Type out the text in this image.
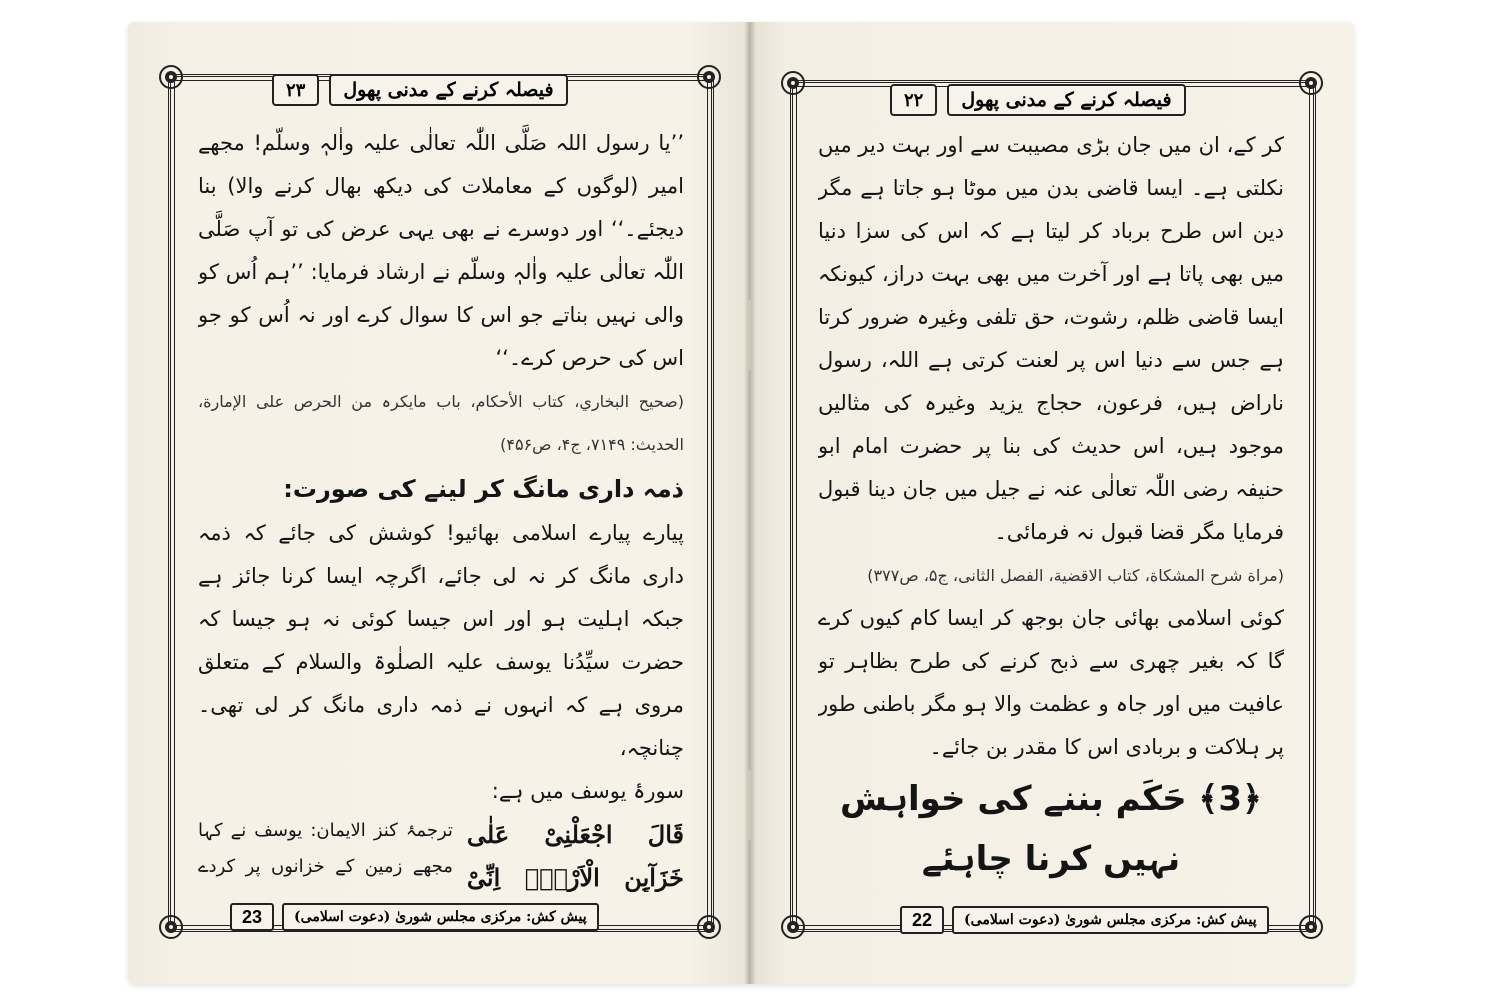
۲۳	فیصلہ کرنے کے مدنی پھول	۲۲	فیصلہ کرنے کے مدنی پھول

’’یا رسول اللہ صَلَّی اللّٰہ تعالٰی علیہ واٰلہٖ وسلّم! مجھے امیر (لوگوں کے معاملات کی دیکھ بھال کرنے والا) بنا دیجئے۔‘‘ اور دوسرے نے بھی یہی عرض کی تو آپ صَلَّی اللّٰہ تعالٰی علیہ واٰلہٖ وسلّم نے ارشاد فرمایا: ’’ہم اُس کو والی نہیں بناتے جو اس کا سوال کرے اور نہ اُس کو جو اس کی حرص کرے۔‘‘

(صحیح البخاري، کتاب الأحکام، باب مایکرہ من الحرص علی الإمارة، الحدیث: ۷۱۴۹، ج۴، ص۴۵۶)

ذمہ داری مانگ کر لینے کی صورت:

پیارے پیارے اسلامی بھائیو! کوشش کی جائے کہ ذمہ داری مانگ کر نہ لی جائے، اگرچہ ایسا کرنا جائز ہے جبکہ اہلیت ہو اور اس جیسا کوئی نہ ہو جیسا کہ حضرت سیِّدُنا یوسف علیہ الصلٰوۃ والسلام کے متعلق مروی ہے کہ انہوں نے ذمہ داری مانگ کر لی تھی۔ چنانچہ،

سورۂ یوسف میں ہے:

قَالَ اجْعَلْنِیْ عَلٰی خَزَآىِٕنِ الْاَرْضِۚ اِنِّیْ

ترجمۂ کنز الایمان: یوسف نے کہا مجھے زمین کے خزانوں پر کردے

کر کے، ان میں جان بڑی مصیبت سے اور بہت دیر میں نکلتی ہے۔ ایسا قاضی بدن میں موٹا ہو جاتا ہے مگر دین اس طرح برباد کر لیتا ہے کہ اس کی سزا دنیا میں بھی پاتا ہے اور آخرت میں بھی بہت دراز، کیونکہ ایسا قاضی ظلم، رشوت، حق تلفی وغیرہ ضرور کرتا ہے جس سے دنیا اس پر لعنت کرتی ہے اللہ، رسول ناراض ہیں، فرعون، حجاج یزید وغیرہ کی مثالیں موجود ہیں، اس حدیث کی بنا پر حضرت امام ابو حنیفہ رضی اللّٰہ تعالٰی عنہ نے جیل میں جان دینا قبول فرمایا مگر قضا قبول نہ فرمائی۔

(مراة شرح المشکاة، کتاب الاقضیة، الفصل الثانی، ج۵، ص۳۷۷)

کوئی اسلامی بھائی جان بوجھ کر ایسا کام کیوں کرے گا کہ بغیر چھری سے ذبح کرنے کی طرح بظاہر تو عافیت میں اور جاہ و عظمت والا ہو مگر باطنی طور پر ہلاکت و بربادی اس کا مقدر بن جائے۔

﴿3﴾ حَکَم بننے کی خواہش نہیں کرنا چاہئے

23	پیش کش: مرکزی مجلس شوریٰ (دعوت اسلامی)	22	پیش کش: مرکزی مجلس شوریٰ (دعوت اسلامی)
